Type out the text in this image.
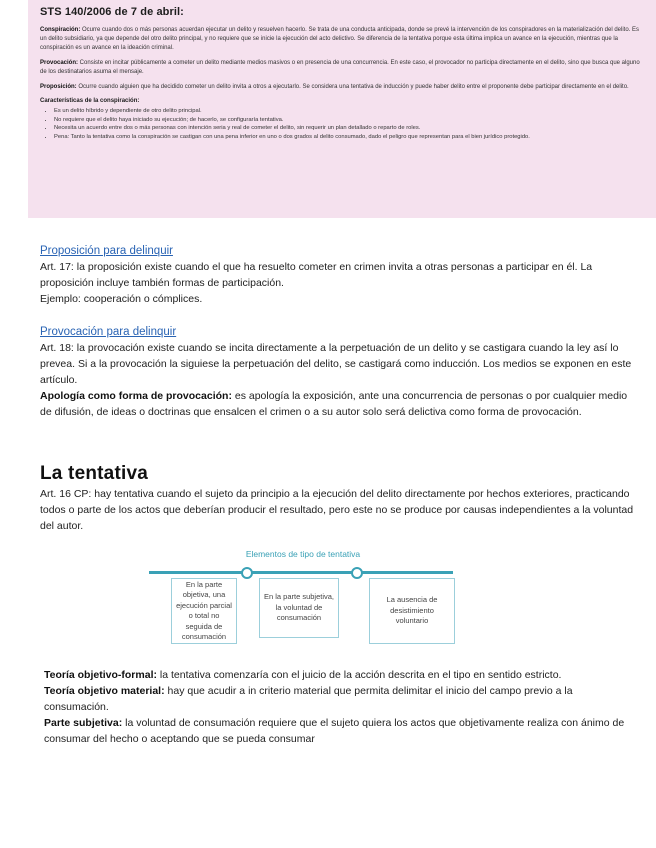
STS 140/2006 de 7 de abril:

Conspiración: Ocurre cuando dos o más personas acuerdan ejecutar un delito y resuelven hacerlo. Se trata de una conducta anticipada, donde se prevé la intervención de los conspiradores en la materialización del delito. Es un delito subsidiario, ya que depende del otro delito principal, y no requiere que se inicie la ejecución del acto delictivo. Se diferencia de la tentativa porque esta última implica un avance en la ejecución, mientras que la conspiración es un avance en la ideación criminal.

Provocación: Consiste en incitar públicamente a cometer un delito mediante medios masivos o en presencia de una concurrencia. En este caso, el provocador no participa directamente en el delito, sino que busca que alguno de los destinatarios asuma el mensaje.

Proposición: Ocurre cuando alguien que ha decidido cometer un delito invita a otros a ejecutarlo. Se considera una tentativa de inducción y puede haber delito entre el proponente debe participar directamente en el delito.

Características de la conspiración:
• Es un delito híbrido y dependiente de otro delito principal.
• No requiere que el delito haya iniciado su ejecución; de hacerlo, se configuraría tentativa.
• Necesita un acuerdo entre dos o más personas con intención seria y real de cometer el delito, sin requerir un plan detallado o reparto de roles.
• Pena: Tanto la tentativa como la conspiración se castigan con una pena inferior en uno o dos grados al delito consumado, dado el peligro que representan para el bien jurídico protegido.
Proposición para delinquir

Art. 17: la proposición existe cuando el que ha resuelto cometer en crimen invita a otras personas a participar en él. La proposición incluye también formas de participación.

Ejemplo: cooperación o cómplices.

Provocación para delinquir

Art. 18: la provocación existe cuando se incita directamente a la perpetuación de un delito y se castigara cuando la ley así lo prevea. Si a la provocación la siguiese la perpetuación del delito, se castigará como inducción. Los medios se exponen en este artículo.

Apología como forma de provocación: es apología la exposición, ante una concurrencia de personas o por cualquier medio de difusión, de ideas o doctrinas que ensalcen el crimen o a su autor solo será delictiva como forma de provocación.

La tentativa

Art. 16 CP: hay tentativa cuando el sujeto da principio a la ejecución del delito directamente por hechos exteriores, practicando todos o parte de los actos que deberían producir el resultado, pero este no se produce por causas independientes a la voluntad del autor.

Elementos de tipo de tentativa
En la parte objetiva, una ejecución parcial o total no seguida de consumación
En la parte subjetiva, la voluntad de consumación
La ausencia de desistimiento voluntario

Teoría objetivo-formal: la tentativa comenzaría con el juicio de la acción descrita en el tipo en sentido estricto.

Teoría objetivo material: hay que acudir a in criterio material que permita delimitar el inicio del campo previo a la consumación.

Parte subjetiva: la voluntad de consumación requiere que el sujeto quiera los actos que objetivamente realiza con ánimo de consumar del hecho o aceptando que se pueda consumar
